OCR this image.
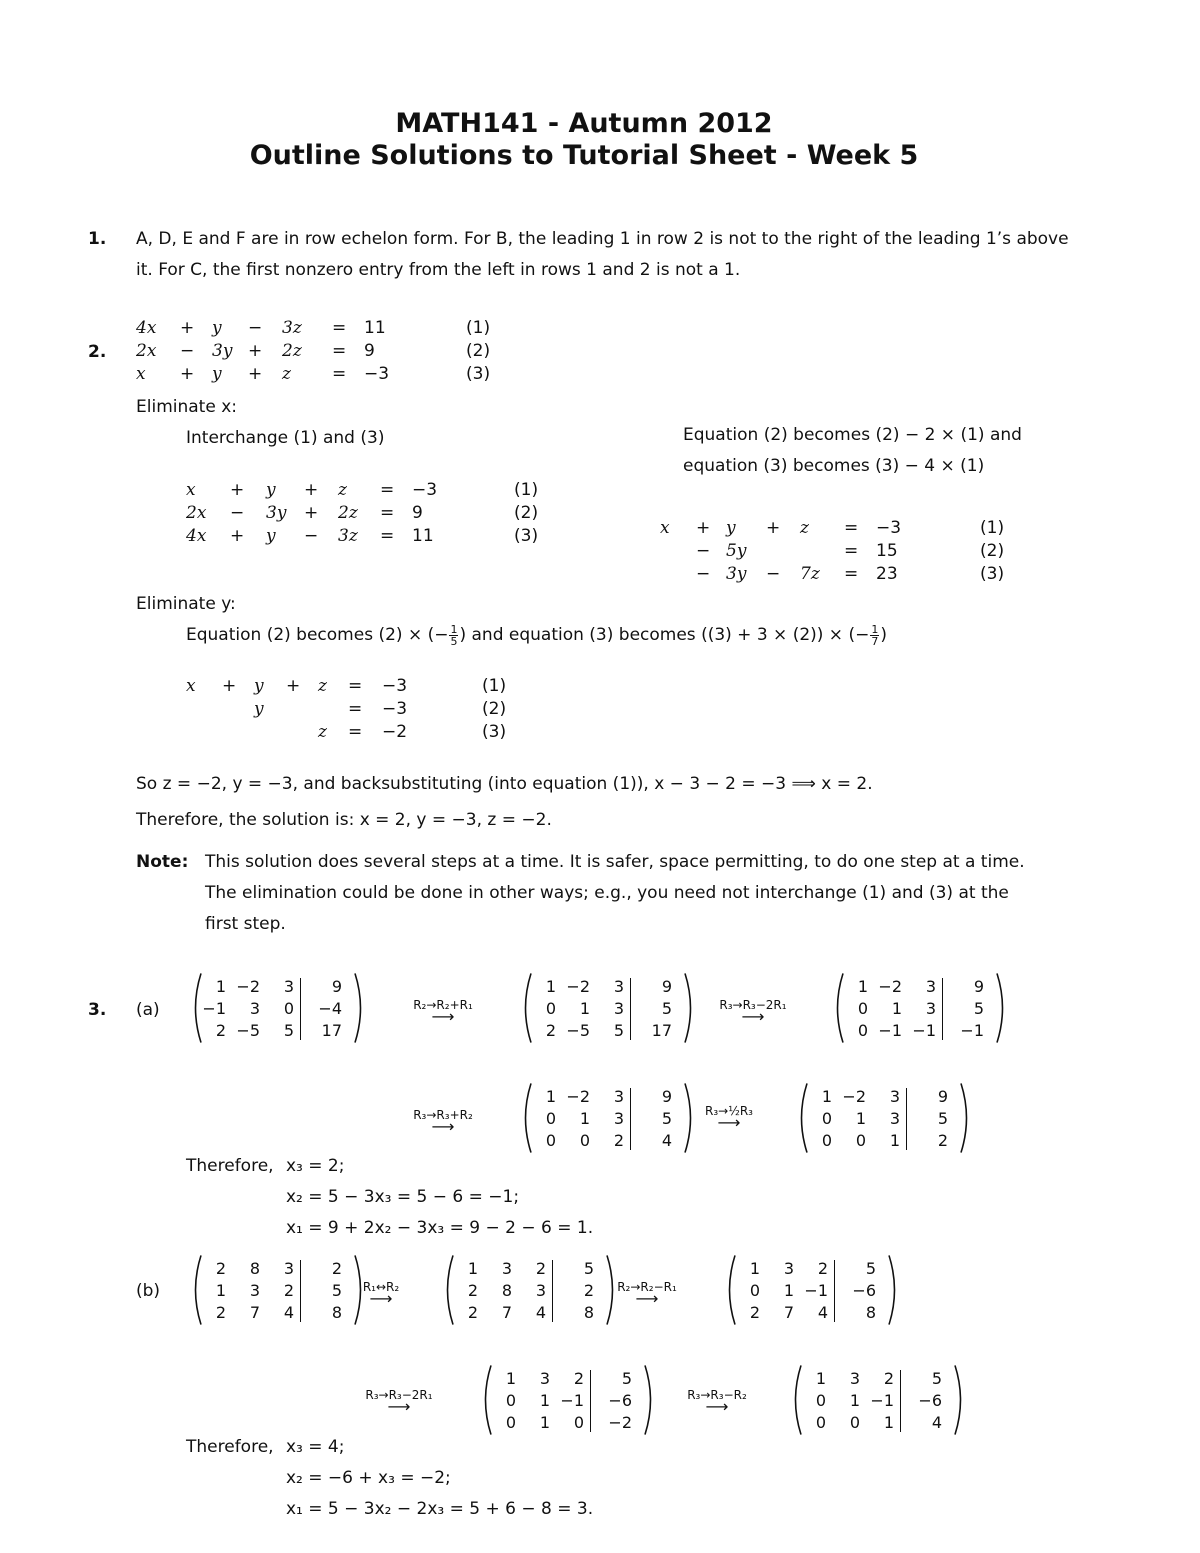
MATH141 - Autumn 2012
Outline Solutions to Tutorial Sheet - Week 5
1. A, D, E and F are in row echelon form. For B, the leading 1 in row 2 is not to the right of the leading 1’s above
it. For C, the first nonzero entry from the left in rows 1 and 2 is not a 1.
2.
4x + y − 3z = 11	(1)
2x − 3y + 2z = 9	(2)
x + y + z = −3	(3)
Eliminate x:
Interchange (1) and (3)
x + y + z = −3	(1)
2x − 3y + 2z = 9	(2)
4x + y − 3z = 11	(3)
Equation (2) becomes (2) − 2 × (1) and
equation (3) becomes (3) − 4 × (1)
x + y + z = −3	(1)
− 5y	= 15	(2)
− 3y − 7z = 23	(3)
Eliminate y:
Equation (2) becomes (2) × (− $\frac{1}{5}$ ) and equation (3) becomes ((3) + 3 × (2)) × (− $\frac{1}{7}$ )
x + y + z = −3	(1)
y	= −3	(2)
z = −2	(3)
So z = −2, y = −3, and backsubstituting (into equation (1)), x − 3 − 2 = −3 ⟹ x = 2.
Therefore, the solution is: x = 2, y = −3, z = −2.
Note: This solution does several steps at a time. It is safer, space permitting, to do one step at a time.
The elimination could be done in other ways; e.g., you need not interchange (1) and (3) at the
first step.
3. (a)
1 −2	3	9
−1	3	0 −4
2 −5	5	17
R₂→R₂+R₁
⟶
1 −2	3	9
0	1	3	5
2 −5	5	17
R₃→R₃−2R₁
⟶
1 −2	3	9
0	1	3	5
0 −1 −1 −1
R₃→R₃+R₂
⟶
1 −2	3	9
0	1	3	5
0	0	2	4
R₃→½R₃
⟶
1 −2	3	9
0	1	3	5
0	0	1	2
Therefore, x₃ = 2;
x₂ = 5 − 3x₃ = 5 − 6 = −1;
x₁ = 9 + 2x₂ − 3x₃ = 9 − 2 − 6 = 1.
(b)
2	8	3	2
1	3	2	5
2	7	4	8
R₁↔R₂
⟶
1	3	2	5
2	8	3	2
2	7	4	8
R₂→R₂−R₁
⟶
1	3	2	5
0	1 −1 −6
2	7	4	8
R₃→R₃−2R₁
⟶
1	3	2	5
0	1 −1 −6
0	1	0 −2
R₃→R₃−R₂
⟶
1	3	2	5
0	1 −1 −6
0	0	1	4
Therefore, x₃ = 4;
x₂ = −6 + x₃ = −2;
x₁ = 5 − 3x₂ − 2x₃ = 5 + 6 − 8 = 3.
